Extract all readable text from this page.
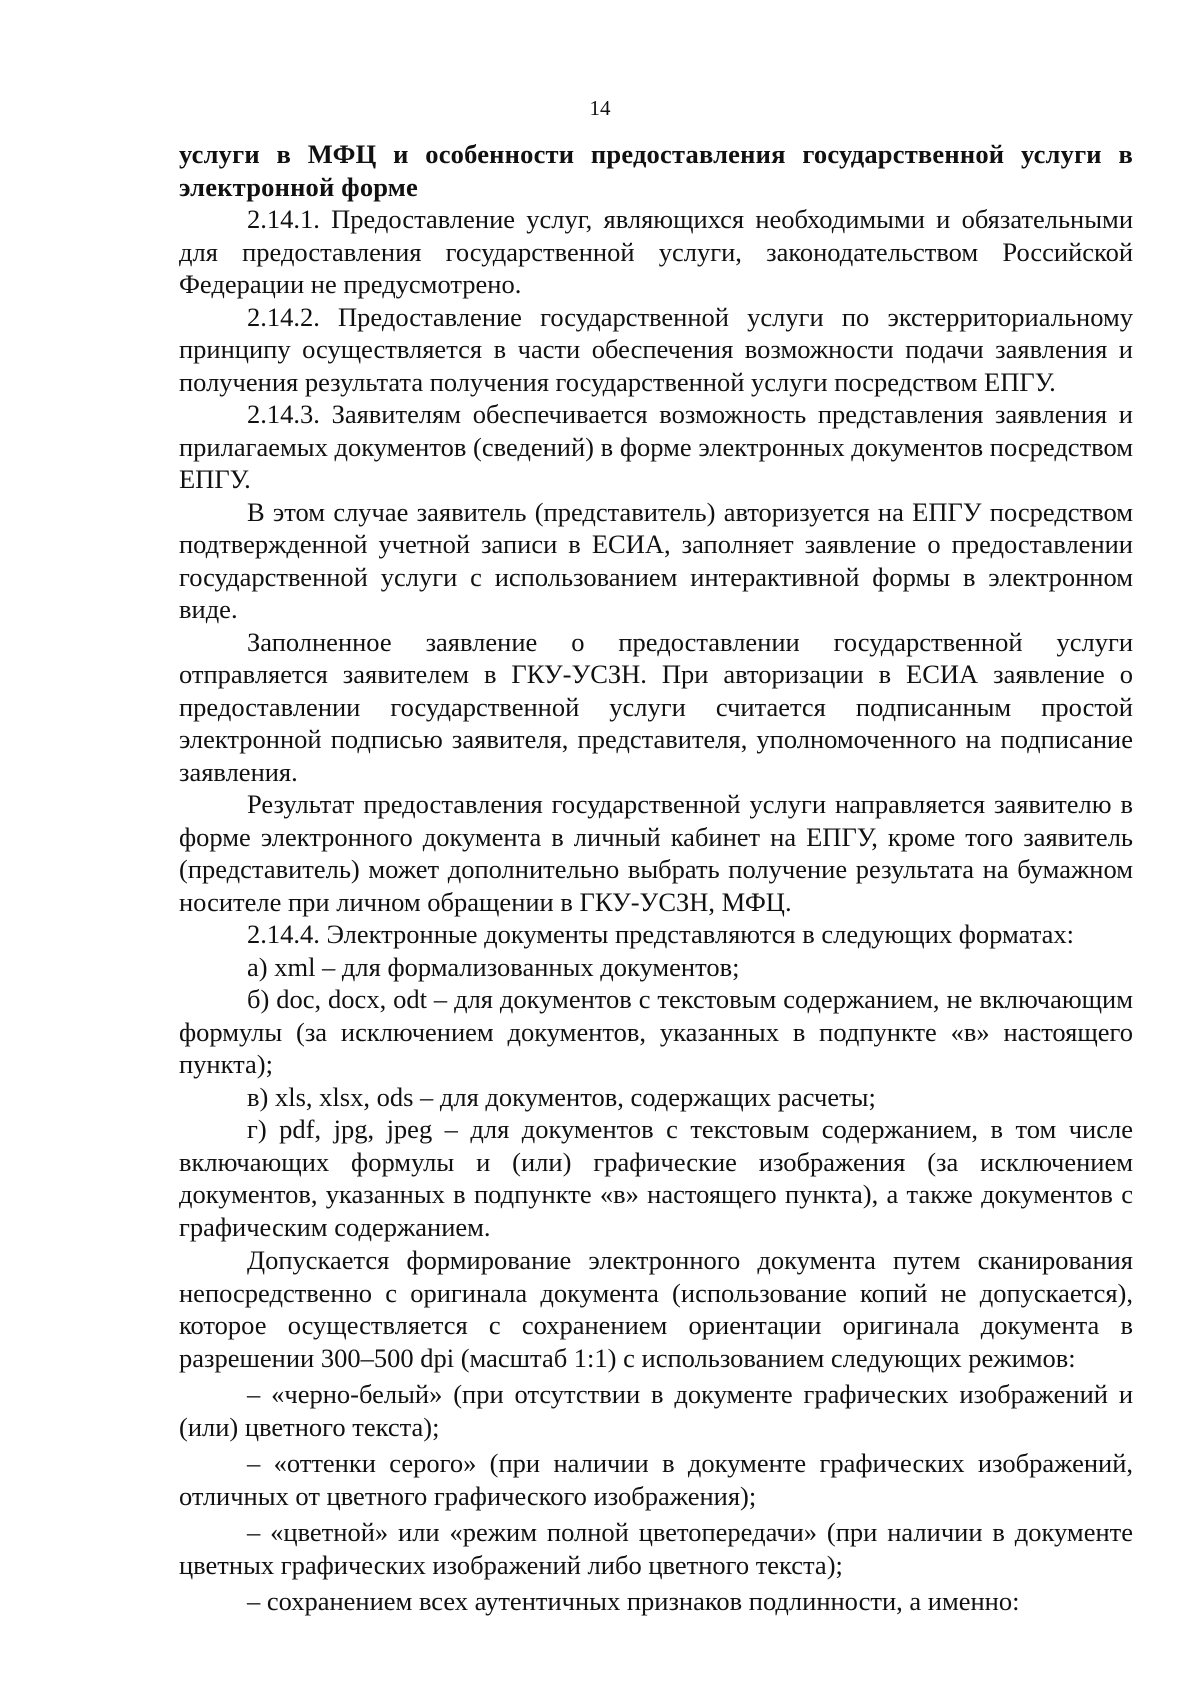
14
услуги в МФЦ и особенности предоставления государственной услуги в
электронной форме

2.14.1. Предоставление услуг, являющихся необходимыми и обязательными для предоставления государственной услуги, законодательством Российской Федерации не предусмотрено.

2.14.2. Предоставление государственной услуги по экстерриториальному принципу осуществляется в части обеспечения возможности подачи заявления и получения результата получения государственной услуги посредством ЕПГУ.

2.14.3. Заявителям обеспечивается возможность представления заявления и прилагаемых документов (сведений) в форме электронных документов посредством ЕПГУ.

В этом случае заявитель (представитель) авторизуется на ЕПГУ посредством подтвержденной учетной записи в ЕСИА, заполняет заявление о предоставлении государственной услуги с использованием интерактивной формы в электронном виде.

Заполненное заявление о предоставлении государственной услуги отправляется заявителем в ГКУ-УСЗН. При авторизации в ЕСИА заявление о предоставлении государственной услуги считается подписанным простой электронной подписью заявителя, представителя, уполномоченного на подписание заявления.

Результат предоставления государственной услуги направляется заявителю в форме электронного документа в личный кабинет на ЕПГУ, кроме того заявитель (представитель) может дополнительно выбрать получение результата на бумажном носителе при личном обращении в ГКУ-УСЗН, МФЦ.

2.14.4. Электронные документы представляются в следующих форматах:

а) xml – для формализованных документов;

б) doc, docx, odt – для документов с текстовым содержанием, не включающим формулы (за исключением документов, указанных в подпункте «в» настоящего пункта);

в) xls, xlsx, ods – для документов, содержащих расчеты;

г) pdf, jpg, jpeg – для документов с текстовым содержанием, в том числе включающих формулы и (или) графические изображения (за исключением документов, указанных в подпункте «в» настоящего пункта), а также документов с графическим содержанием.

Допускается формирование электронного документа путем сканирования непосредственно с оригинала документа (использование копий не допускается), которое осуществляется с сохранением ориентации оригинала документа в разрешении 300–500 dpi (масштаб 1:1) с использованием следующих режимов:

– «черно-белый» (при отсутствии в документе графических изображений и (или) цветного текста);

– «оттенки серого» (при наличии в документе графических изображений, отличных от цветного графического изображения);

– «цветной» или «режим полной цветопередачи» (при наличии в документе цветных графических изображений либо цветного текста);

– сохранением всех аутентичных признаков подлинности, а именно:
